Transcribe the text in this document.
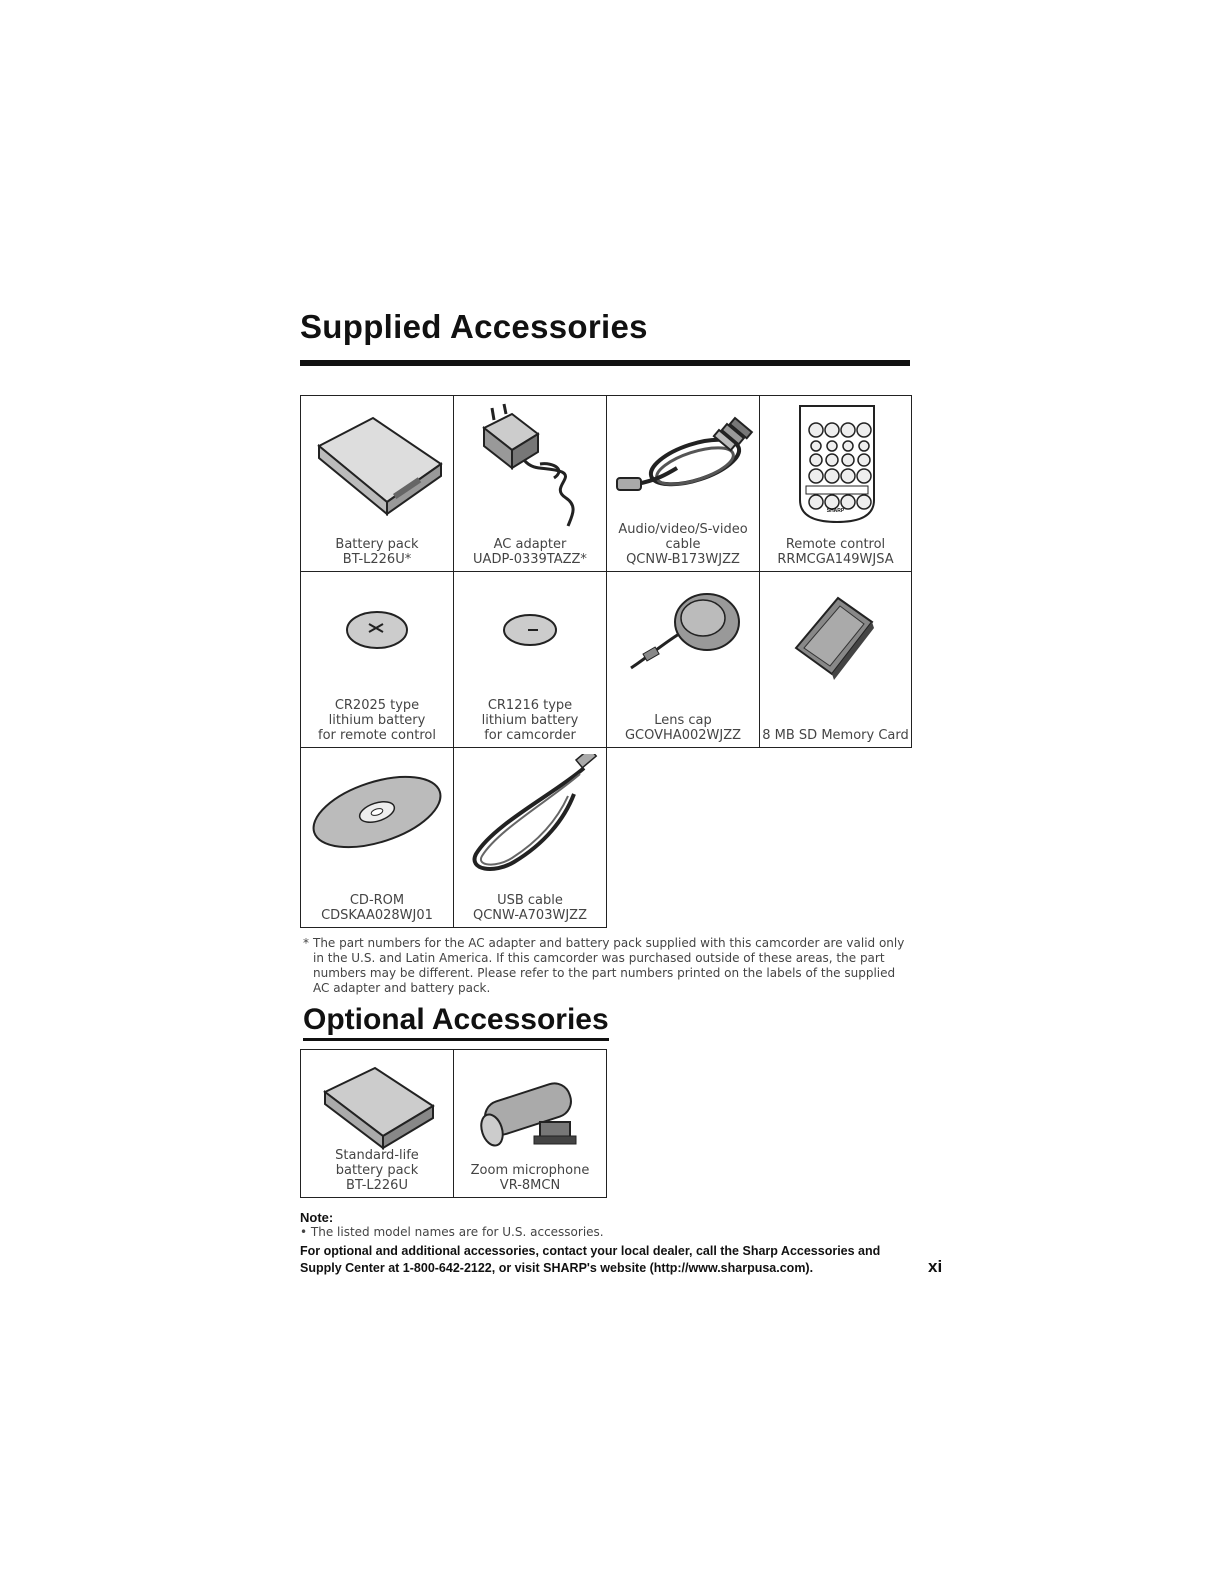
Supplied Accessories
Battery pack
BT-L226U*
AC adapter
UADP-0339TAZZ*
Audio/video/S-video
cable
QCNW-B173WJZZ
SHARP
Remote control
RRMCGA149WJSA
CR2025 type
lithium battery
for remote control
CR1216 type
lithium battery
for camcorder
Lens cap
GCOVHA002WJZZ	8 MB SD Memory Card
CD-ROM
CDSKAA028WJ01
USB cable
QCNW-A703WJZZ
* The part numbers for the AC adapter and battery pack supplied with this camcorder are valid only in the U.S. and Latin America. If this camcorder was purchased outside of these areas, the part numbers may be different. Please refer to the part numbers printed on the labels of the supplied AC adapter and battery pack.
Optional Accessories
Standard-life
battery pack
BT-L226U
Zoom microphone
VR-8MCN
Note:
• The listed model names are for U.S. accessories.
For optional and additional accessories, contact your local dealer, call the Sharp Accessories and Supply Center at 1-800-642-2122, or visit SHARP's website (http://www.sharpusa.com).	xi
